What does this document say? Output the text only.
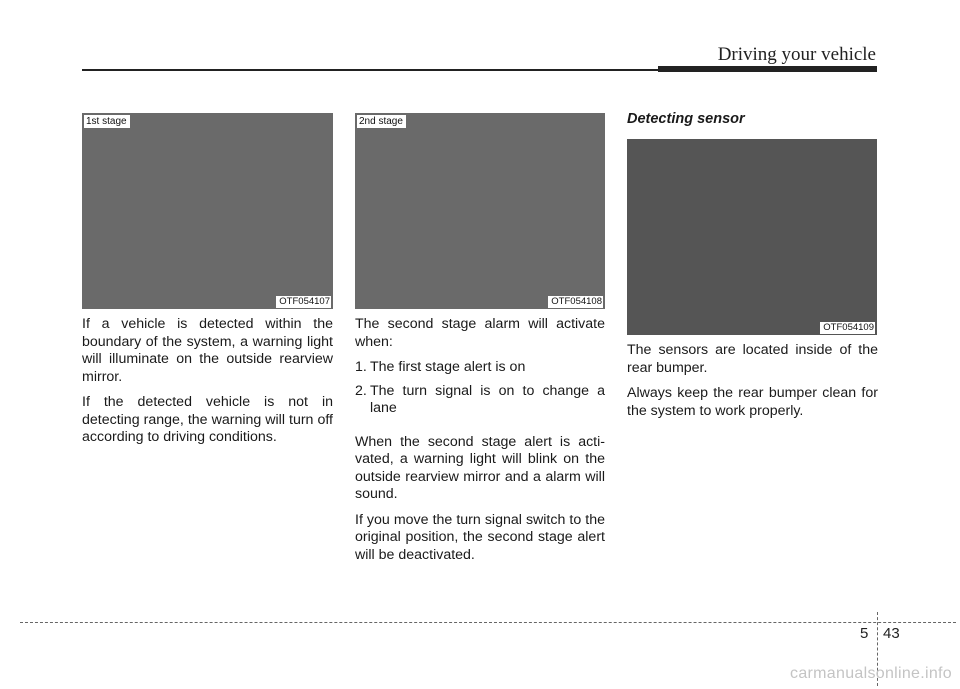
Driving your vehicle
1st stage
OTF054107
2nd stage
OTF054108
OTF054109

If a vehicle is detected within the boundary of the system, a warning light will illuminate on the outside rearview mirror.

If the detected vehicle is not in detecting range, the warning will turn off according to driving conditions.

The second stage alarm will activate when:

1. The first stage alert is on
2. The turn signal is on to change a lane

When the second stage alert is acti-vated, a warning light will blink on the outside rearview mirror and a alarm will sound.

If you move the turn signal switch to the original position, the second stage alert will be deactivated.

Detecting sensor

The sensors are located inside of the rear bumper.

Always keep the rear bumper clean for the system to work properly.

5 43
carmanualsonline.info
